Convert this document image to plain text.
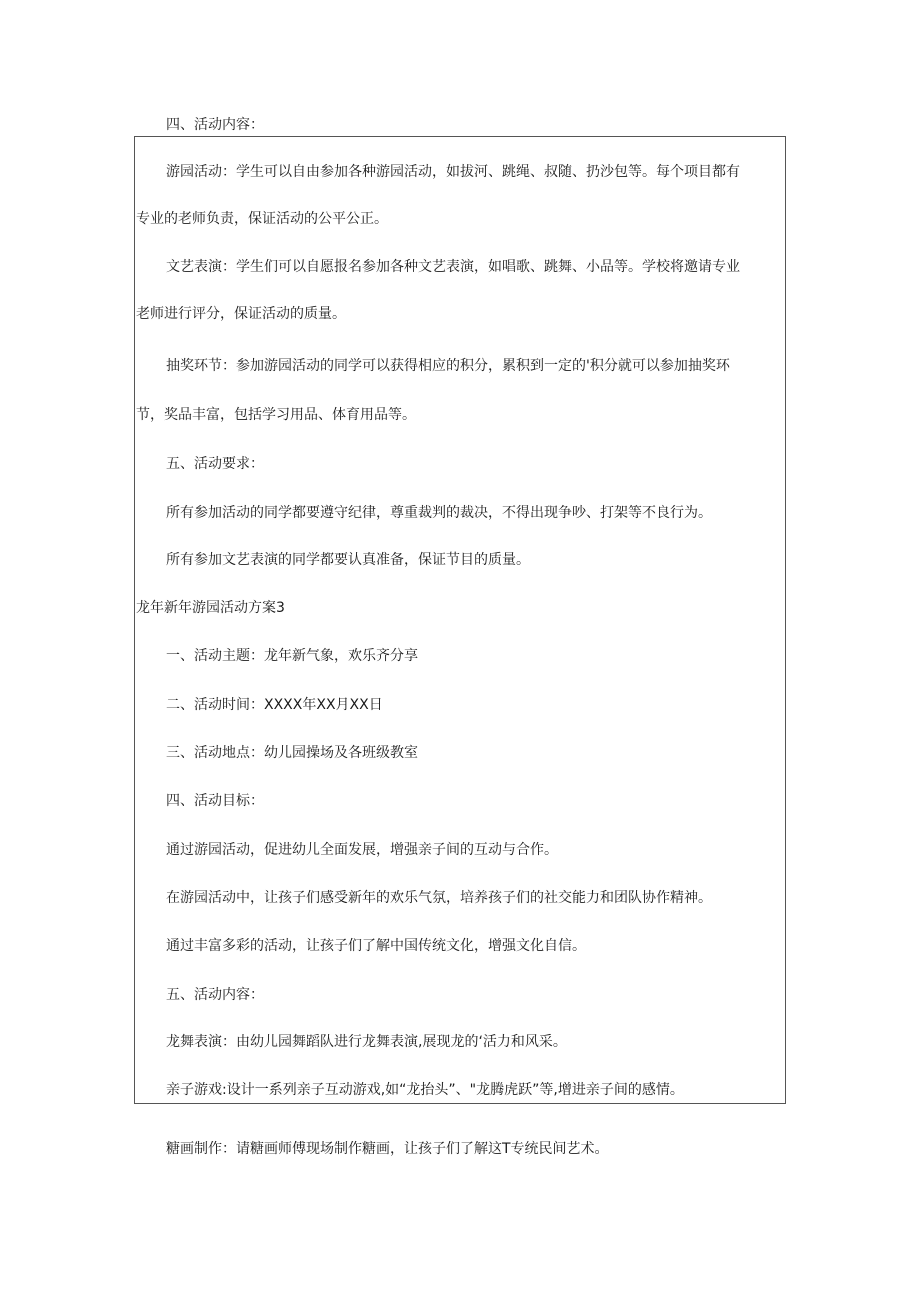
四、活动内容：
游园活动：学生可以自由参加各种游园活动，如拔河、跳绳、叔随、扔沙包等。每个项目都有
专业的老师负责，保证活动的公平公正。
文艺表演：学生们可以自愿报名参加各种文艺表演，如唱歌、跳舞、小品等。学校将邀请专业
老师进行评分，保证活动的质量。
抽奖环节：参加游园活动的同学可以获得相应的积分，累积到一定的'积分就可以参加抽奖环
节，奖品丰富，包括学习用品、体育用品等。
五、活动要求：
所有参加活动的同学都要遵守纪律，尊重裁判的裁决，不得出现争吵、打架等不良行为。
所有参加文艺表演的同学都要认真准备，保证节目的质量。
龙年新年游园活动方案3
一、活动主题：龙年新气象，欢乐齐分享
二、活动时间：XXXX年XX月XX日
三、活动地点：幼儿园操场及各班级教室
四、活动目标：
通过游园活动，促进幼儿全面发展，增强亲子间的互动与合作。
在游园活动中，让孩子们感受新年的欢乐气氛，培养孩子们的社交能力和团队协作精神。
通过丰富多彩的活动，让孩子们了解中国传统文化，增强文化自信。
五、活动内容：
龙舞表演：由幼儿园舞蹈队进行龙舞表演,展现龙的‘活力和风采。
亲子游戏:设计一系列亲子互动游戏,如“龙抬头”、"龙腾虎跃”等,增进亲子间的感情。
糖画制作：请糖画师傅现场制作糖画，让孩子们了解这T专统民间艺术。
